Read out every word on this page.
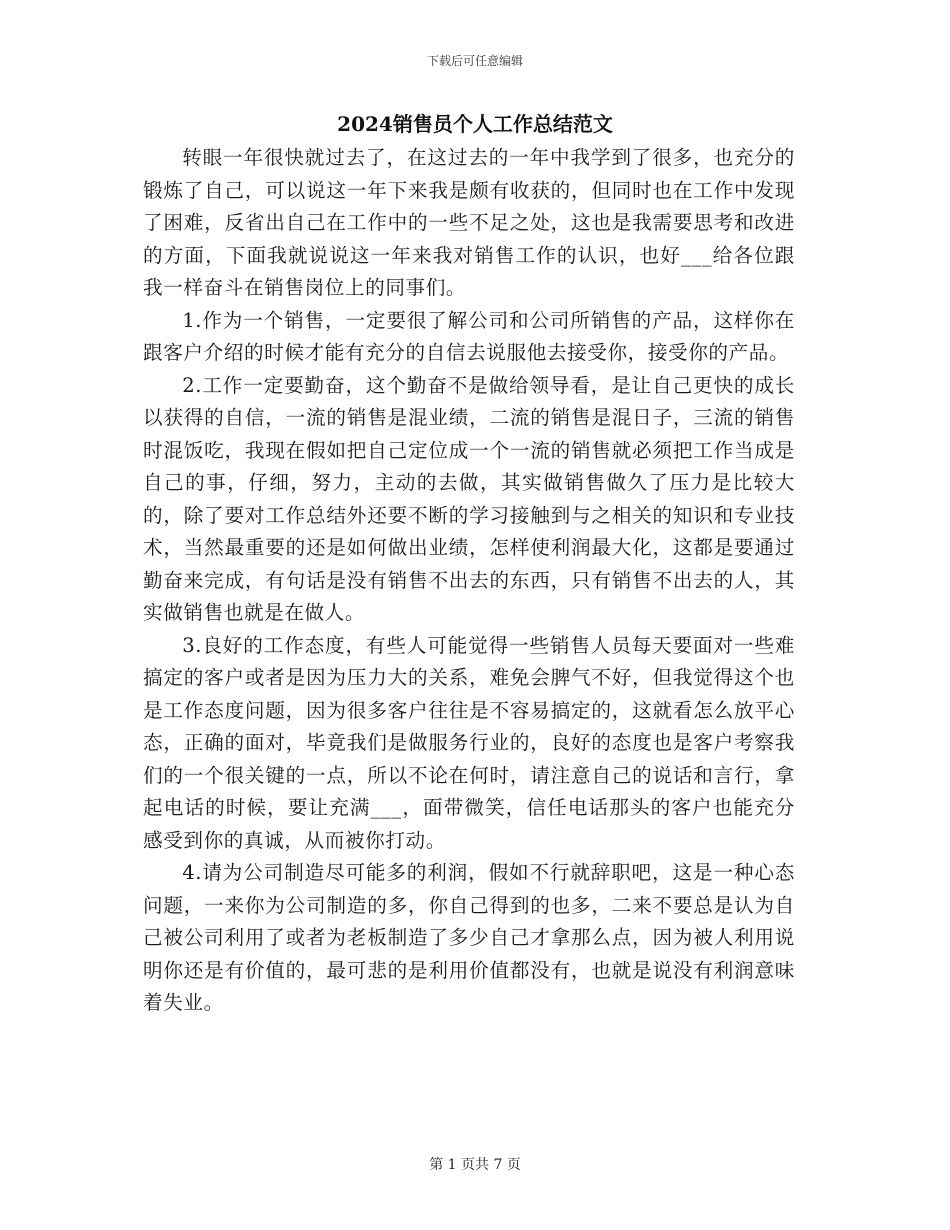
下载后可任意编辑
2024销售员个人工作总结范文

转眼一年很快就过去了，在这过去的一年中我学到了很多，也充分的锻炼了自己，可以说这一年下来我是颇有收获的，但同时也在工作中发现了困难，反省出自己在工作中的一些不足之处，这也是我需要思考和改进的方面，下面我就说说这一年来我对销售工作的认识，也好___给各位跟我一样奋斗在销售岗位上的同事们。

1.作为一个销售，一定要很了解公司和公司所销售的产品，这样你在跟客户介绍的时候才能有充分的自信去说服他去接受你，接受你的产品。

2.工作一定要勤奋，这个勤奋不是做给领导看，是让自己更快的成长以获得的自信，一流的销售是混业绩，二流的销售是混日子，三流的销售时混饭吃，我现在假如把自己定位成一个一流的销售就必须把工作当成是自己的事，仔细，努力，主动的去做，其实做销售做久了压力是比较大的，除了要对工作总结外还要不断的学习接触到与之相关的知识和专业技术，当然最重要的还是如何做出业绩，怎样使利润最大化，这都是要通过勤奋来完成，有句话是没有销售不出去的东西，只有销售不出去的人，其实做销售也就是在做人。

3.良好的工作态度，有些人可能觉得一些销售人员每天要面对一些难搞定的客户或者是因为压力大的关系，难免会脾气不好，但我觉得这个也是工作态度问题，因为很多客户往往是不容易搞定的，这就看怎么放平心态，正确的面对，毕竟我们是做服务行业的，良好的态度也是客户考察我们的一个很关键的一点，所以不论在何时，请注意自己的说话和言行，拿起电话的时候，要让充满___，面带微笑，信任电话那头的客户也能充分感受到你的真诚，从而被你打动。

4.请为公司制造尽可能多的利润，假如不行就辞职吧，这是一种心态问题，一来你为公司制造的多，你自己得到的也多，二来不要总是认为自己被公司利用了或者为老板制造了多少自己才拿那么点，因为被人利用说明你还是有价值的，最可悲的是利用价值都没有，也就是说没有利润意味着失业。

第 1 页共 7 页
